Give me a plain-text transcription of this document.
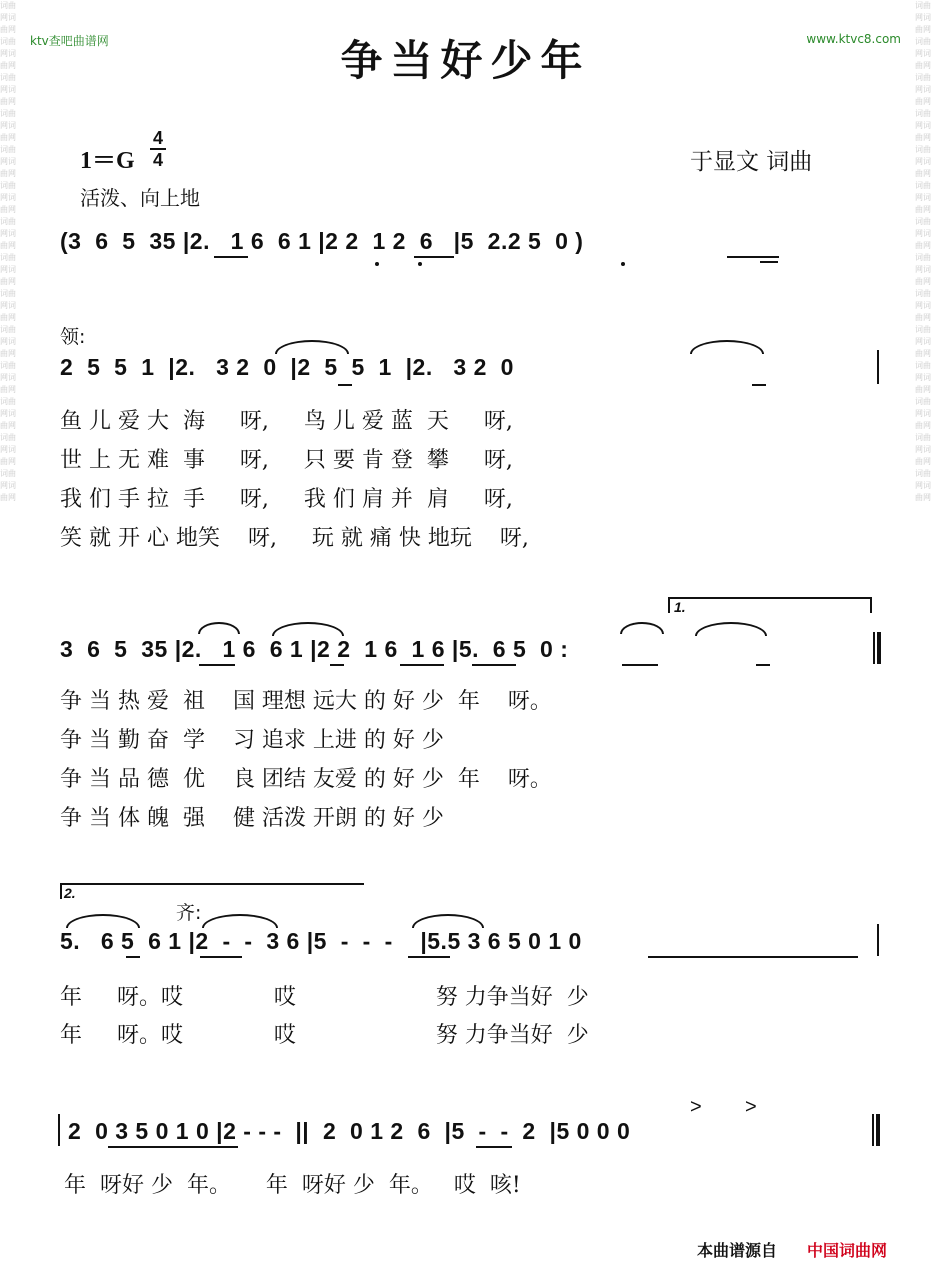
词曲网词曲网词曲网词曲网词曲网词曲网词曲网词曲网词曲网词曲网词曲网词曲网词曲网词曲网词曲网词曲网词曲网词曲网词曲网词曲网词曲网词曲网词曲网词曲网词曲网词曲网词曲网词曲网
词曲网词曲网词曲网词曲网词曲网词曲网词曲网词曲网词曲网词曲网词曲网词曲网词曲网词曲网词曲网词曲网词曲网词曲网词曲网词曲网词曲网词曲网词曲网词曲网词曲网词曲网词曲网词曲网
ktv查吧曲谱网	www.ktvc8.com
争当好少年
1＝G
4
4
活泼、向上地
于显文 词曲
(3  6  5  35 |2.   1 6  6 1 |2 2  1 2  6   |5  2.2 5  0 )
领:
2  5  5  1  |2.   3 2  0  |2  5  5  1  |2.   3 2  0
鱼 儿 爱 大  海     呀,     鸟 儿 爱 蓝  天     呀,
世 上 无 难  事     呀,     只 要 肯 登  攀     呀,
我 们 手 拉  手     呀,     我 们 肩 并  肩     呀,
笑 就 开 心 地笑    呀,     玩 就 痛 快 地玩    呀,
1.
3  6  5  35 |2.   1 6  6 1 |2 2  1 6  1 6 |5.  6 5  0 :
争 当 热 爱  祖    国 理想 远大 的 好 少  年    呀。
争 当 勤 奋  学    习 追求 上进 的 好 少
争 当 品 德  优    良 团结 友爱 的 好 少  年    呀。
争 当 体 魄  强    健 活泼 开朗 的 好 少
2.
齐:
5.   6 5  6 1 |2  -  -  3 6 |5  -  -  -    |5.5 3 6 5 0 1 0
年     呀。哎             哎                    努 力争当好  少
年     呀。哎             哎                    努 力争当好  少
> >
2  0 3 5 0 1 0 |2 - - -  ||  2  0 1 2  6  |5  -  -  2  |5 0 0 0
年  呀好 少  年。     年  呀好 少  年。   哎  咳!
本曲谱源自 中国词曲网
